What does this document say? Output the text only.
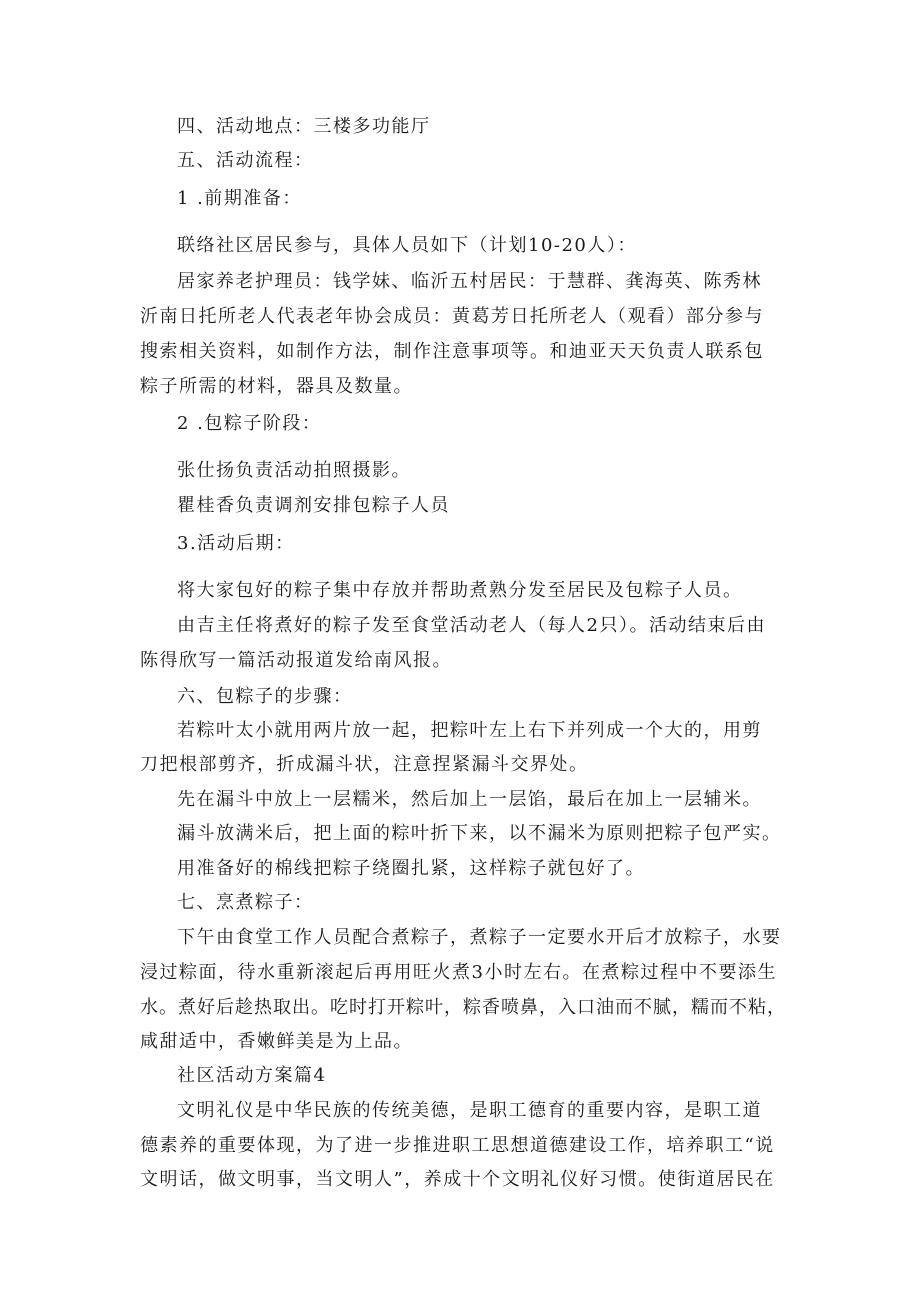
四、活动地点：三楼多功能厅
五、活动流程：
1 .前期准备：
联络社区居民参与，具体人员如下（计划10-20人）：
居家养老护理员：钱学妹、临沂五村居民：于慧群、龚海英、陈秀林
沂南日托所老人代表老年协会成员：黄葛芳日托所老人（观看）部分参与
搜索相关资料，如制作方法，制作注意事项等。和迪亚天天负责人联系包
粽子所需的材料，器具及数量。
2 .包粽子阶段：
张仕扬负责活动拍照摄影。
瞿桂香负责调剂安排包粽子人员
3.活动后期：
将大家包好的粽子集中存放并帮助煮熟分发至居民及包粽子人员。
由吉主任将煮好的粽子发至食堂活动老人（每人2只）。活动结束后由
陈得欣写一篇活动报道发给南风报。
六、包粽子的步骤：
若粽叶太小就用两片放一起，把粽叶左上右下并列成一个大的，用剪
刀把根部剪齐，折成漏斗状，注意捏紧漏斗交界处。
先在漏斗中放上一层糯米，然后加上一层馅，最后在加上一层辅米。
漏斗放满米后，把上面的粽叶折下来，以不漏米为原则把粽子包严实。
用准备好的棉线把粽子绕圈扎紧，这样粽子就包好了。
七、烹煮粽子：
下午由食堂工作人员配合煮粽子，煮粽子一定要水开后才放粽子，水要
浸过粽面，待水重新滚起后再用旺火煮3小时左右。在煮粽过程中不要添生
水。煮好后趁热取出。吃时打开粽叶，粽香喷鼻，入口油而不腻，糯而不粘，
咸甜适中，香嫩鲜美是为上品。
社区活动方案篇4
文明礼仪是中华民族的传统美德，是职工德育的重要内容，是职工道
德素养的重要体现，为了进一步推进职工思想道德建设工作，培养职工“说
文明话，做文明事，当文明人”，养成十个文明礼仪好习惯。使街道居民在
